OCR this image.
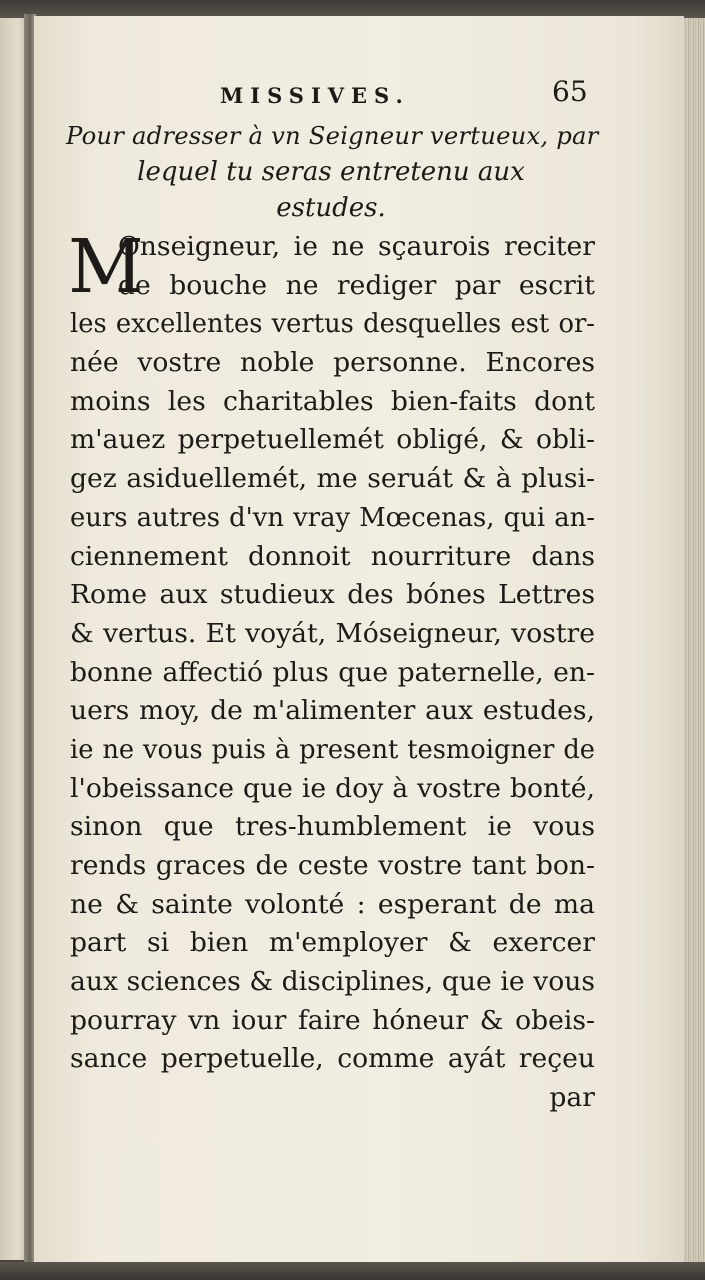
MISSIVES.	65
Pour adresser à vn Seigneur vertueux, par
lequel tu seras entretenu aux
estudes.
M
Onseigneur, ie ne sçaurois reciter
de bouche ne rediger par escrit
les excellentes vertus desquelles est or-
née vostre noble personne. Encores
moins les charitables bien-faits dont
m'auez perpetuellemét obligé, & obli-
gez asiduellemét, me seruát & à plusi-
eurs autres d'vn vray Mœcenas, qui an-
ciennement donnoit nourriture dans
Rome aux studieux des bónes Lettres
& vertus. Et voyát, Móseigneur, vostre
bonne affectió plus que paternelle, en-
uers moy, de m'alimenter aux estudes,
ie ne vous puis à present tesmoigner de
l'obeissance que ie doy à vostre bonté,
sinon que tres-humblement ie vous
rends graces de ceste vostre tant bon-
ne & sainte volonté : esperant de ma
part si bien m'employer & exercer
aux sciences & disciplines, que ie vous
pourray vn iour faire hóneur & obeis-
sance perpetuelle, comme ayát reçeu
par
